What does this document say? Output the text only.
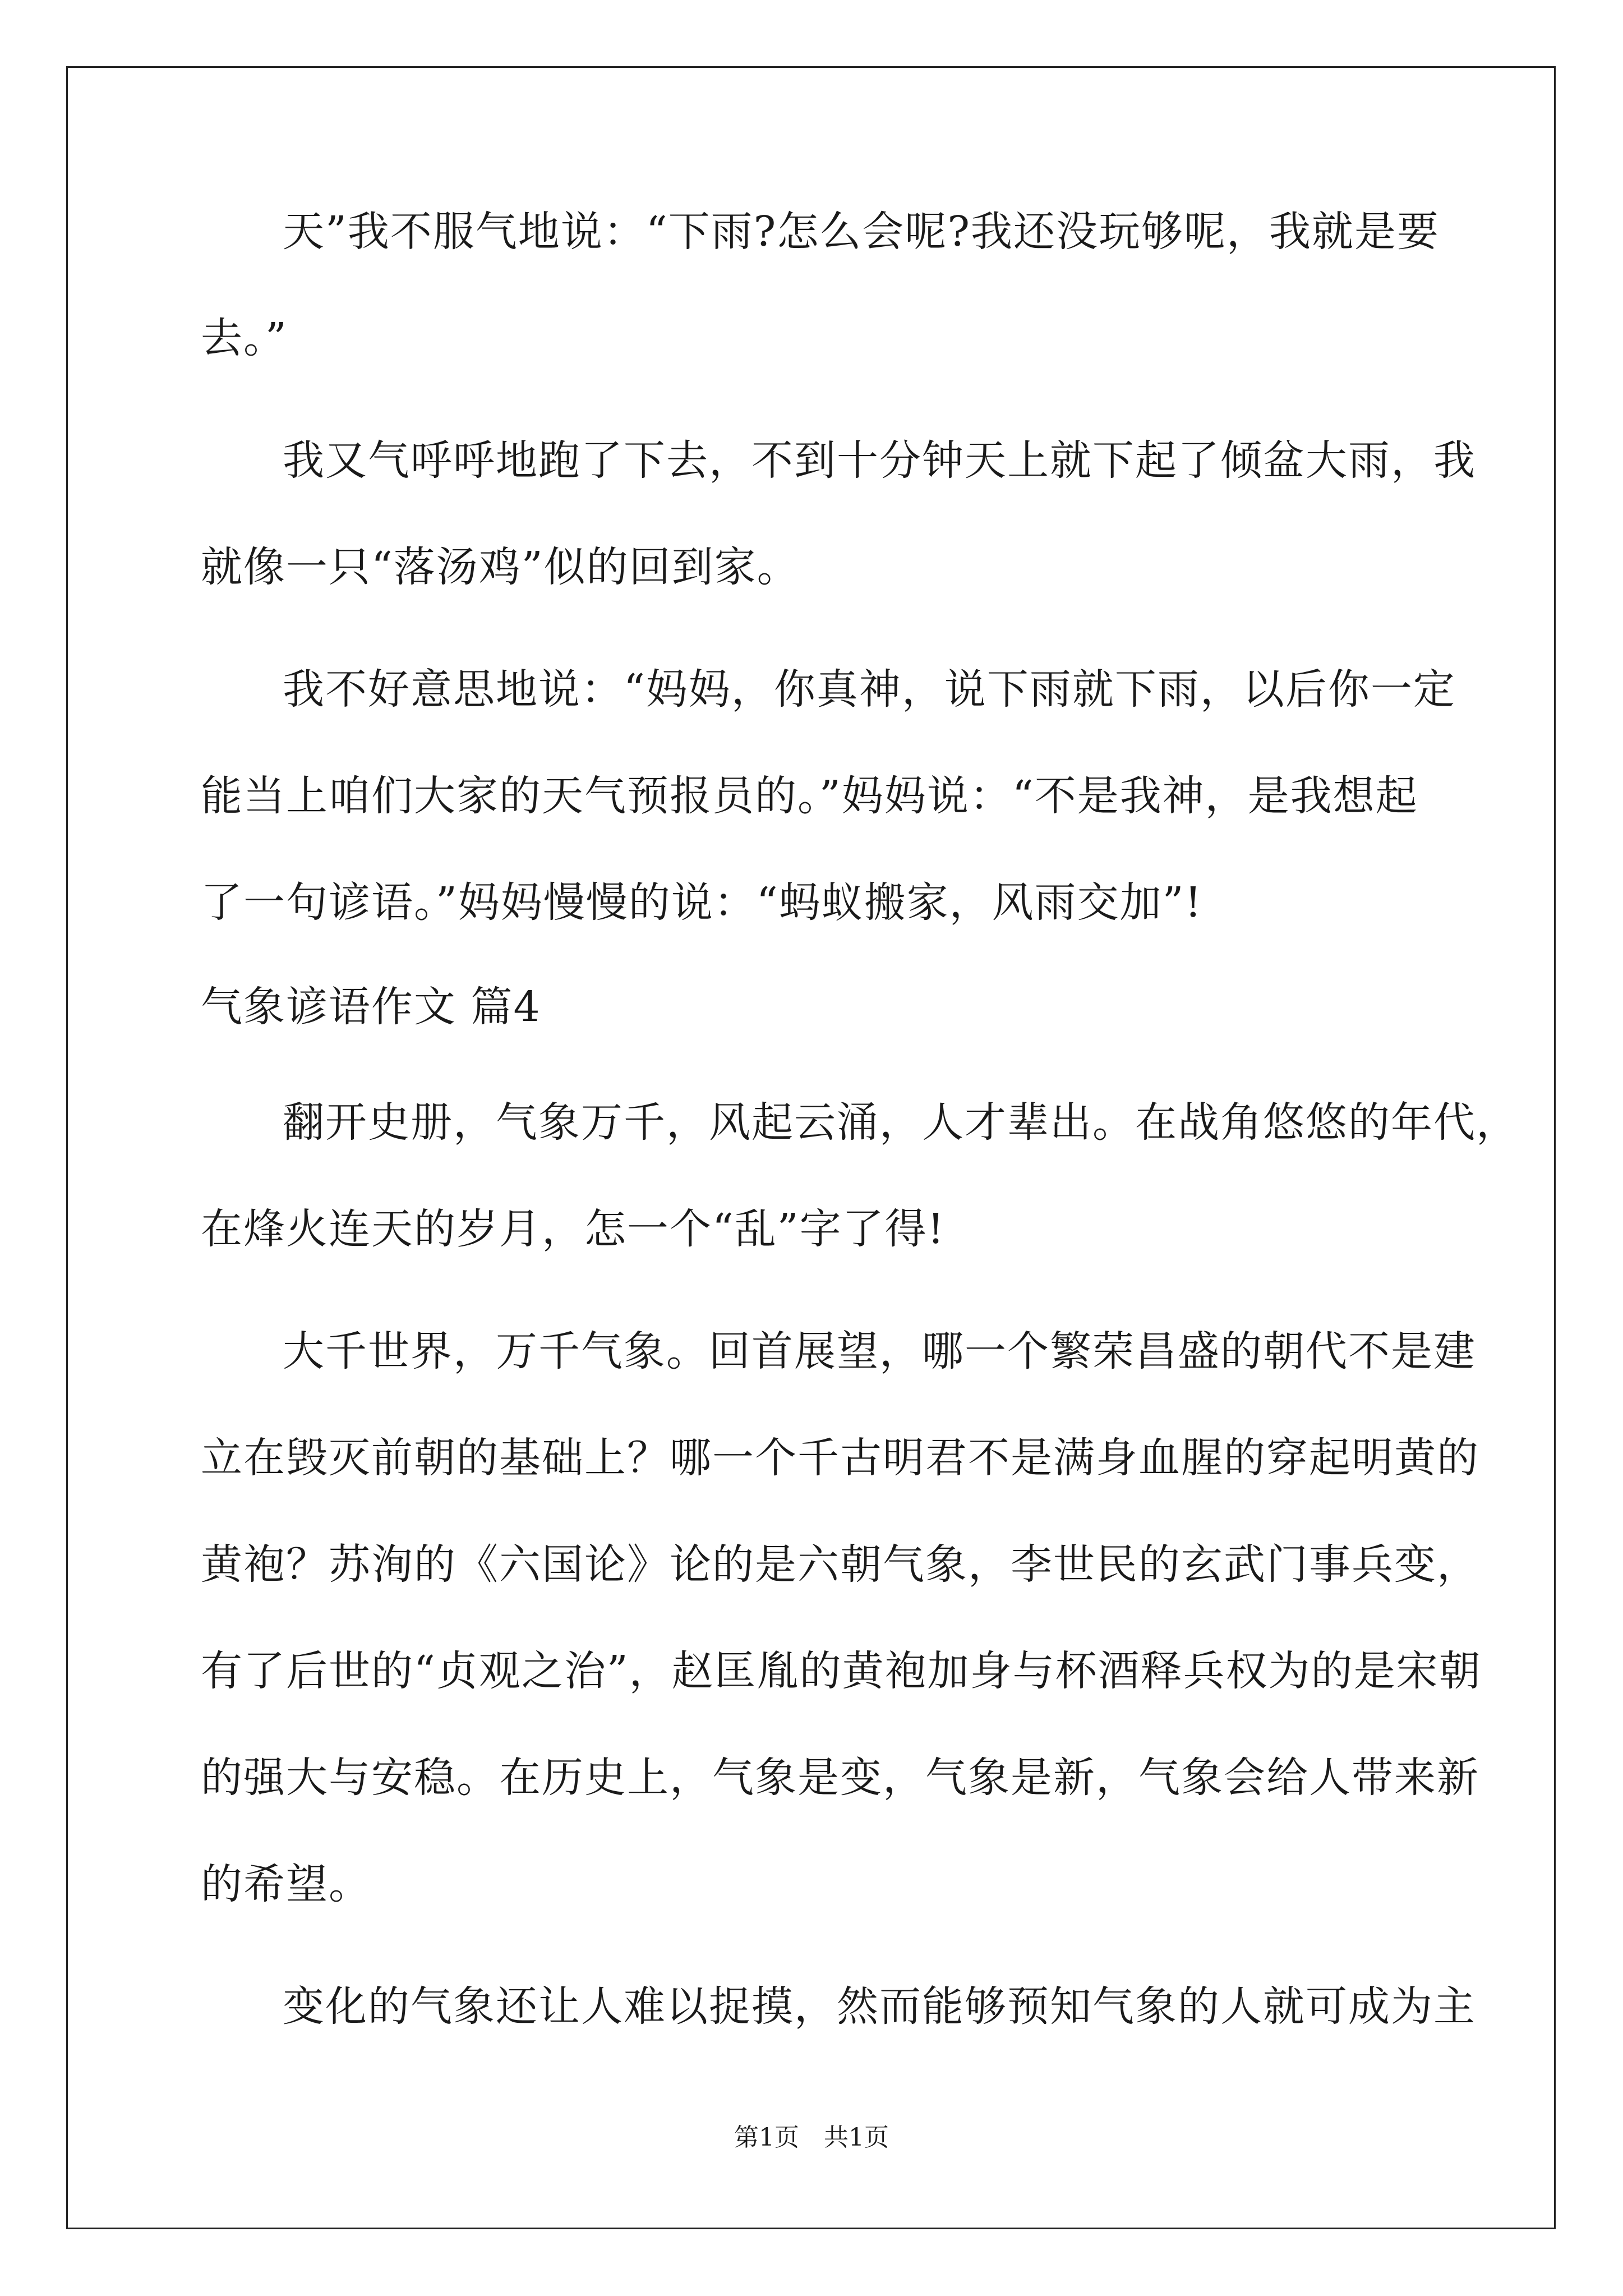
天”我不服气地说：“下雨?怎么会呢?我还没玩够呢，我就是要
去。”
我又气呼呼地跑了下去，不到十分钟天上就下起了倾盆大雨，我
就像一只“落汤鸡”似的回到家。
我不好意思地说：“妈妈，你真神，说下雨就下雨，以后你一定
能当上咱们大家的天气预报员的。”妈妈说：“不是我神，是我想起
了一句谚语。”妈妈慢慢的说：“蚂蚁搬家，风雨交加”!
气象谚语作文 篇4
翻开史册，气象万千，风起云涌，人才辈出。在战角悠悠的年代，
在烽火连天的岁月，怎一个“乱”字了得!
大千世界，万千气象。回首展望，哪一个繁荣昌盛的朝代不是建
立在毁灭前朝的基础上？哪一个千古明君不是满身血腥的穿起明黄的
黄袍？苏洵的《六国论》论的是六朝气象，李世民的玄武门事兵变，
有了后世的“贞观之治”，赵匡胤的黄袍加身与杯酒释兵权为的是宋朝
的强大与安稳。在历史上，气象是变，气象是新，气象会给人带来新
的希望。
变化的气象还让人难以捉摸，然而能够预知气象的人就可成为主
第1页　共1页
